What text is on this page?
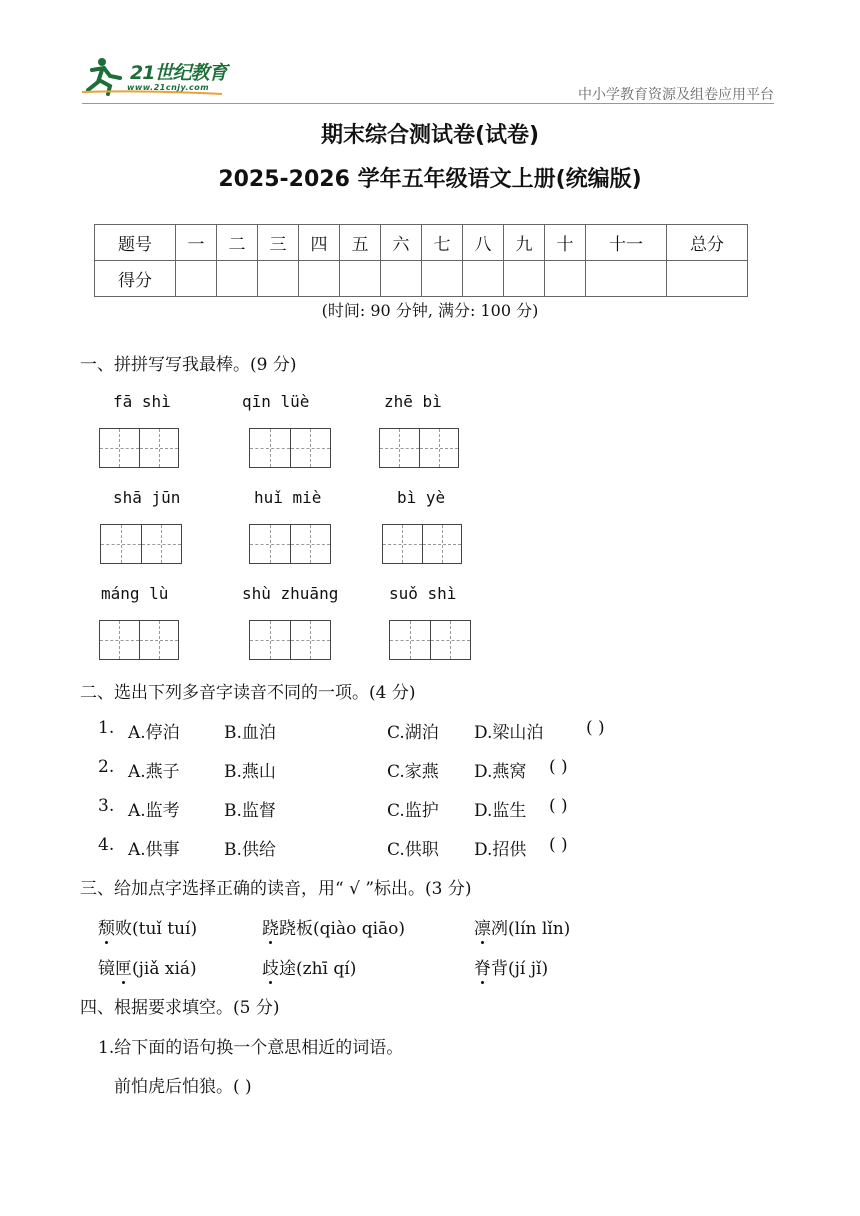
21世纪教育
www.21cnjy.com	中小学教育资源及组卷应用平台
期末综合测试卷(试卷)
2025-2026 学年五年级语文上册(统编版)
题号	一	二	三	四	五	六	七	八	九	十	十一	总分
得分												
(时间: 90 分钟, 满分: 100 分)
一、拼拼写写我最棒。(9 分)
fā shì	qīn lüè	zhē bì
shā jūn	huǐ miè	bì yè
máng lù	shù zhuāng	suǒ shì
二、选出下列多音字读音不同的一项。(4 分)
1. A.停泊	B.血泊	C.湖泊 D.梁山泊	( )
2. A.燕子	B.燕山	C.家燕 D.燕窝 ( )
3. A.监考	B.监督	C.监护 D.监生 ( )
4. A.供事	B.供给	C.供职 D.招供 ( )
三、给加点字选择正确的读音，用“ √ ”标出。(3 分)
颓败(tuǐ tuí)	跷跷板(qiào qiāo)	凛冽(lín lǐn)
镜匣(jiǎ xiá)	歧途(zhī qí)	脊背(jí jǐ)
四、根据要求填空。(5 分)
1.给下面的语句换一个意思相近的词语。
前怕虎后怕狼。( )
